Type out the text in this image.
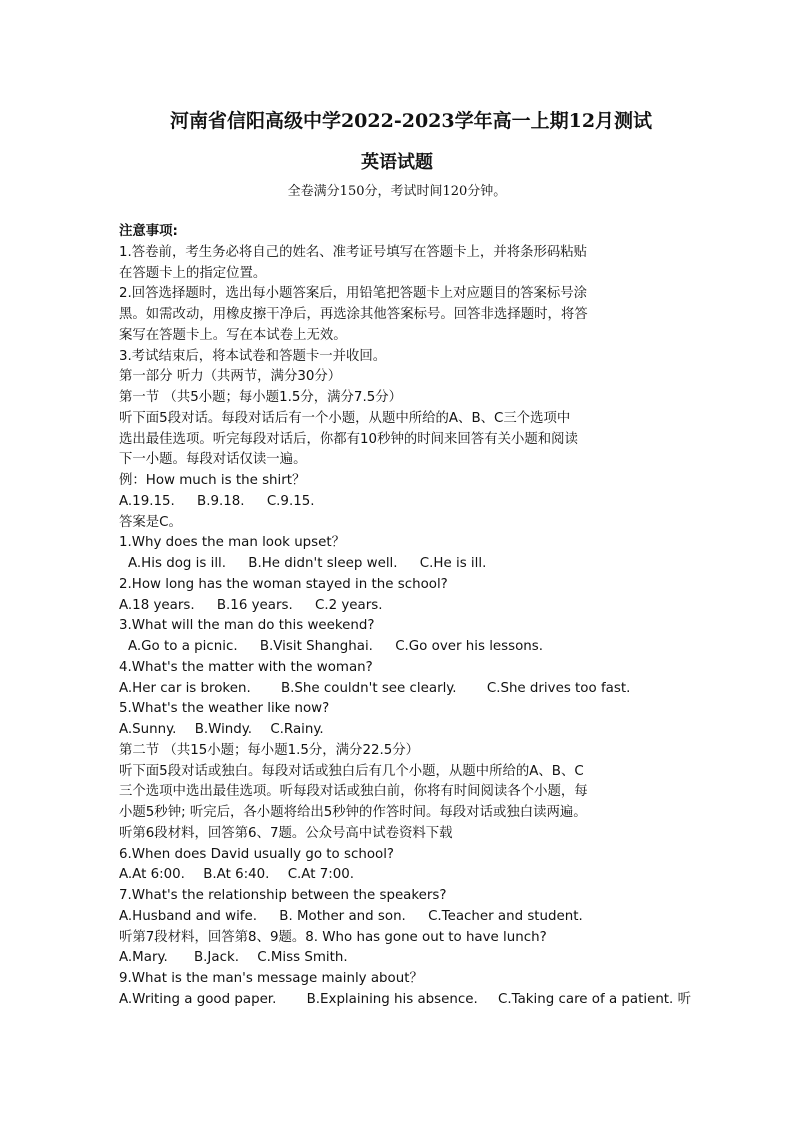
河南省信阳高级中学2022-2023学年高一上期12月测试
英语试题
全卷满分150分，考试时间120分钟。
注意事项:
1.答卷前，考生务必将自己的姓名、准考证号填写在答题卡上，并将条形码粘贴
在答题卡上的指定位置。
2.回答选择题时，选出每小题答案后，用铅笔把答题卡上对应题目的答案标号涂
黑。如需改动，用橡皮擦干净后，再选涂其他答案标号。回答非选择题时，将答
案写在答题卡上。写在本试卷上无效。
3.考试结束后，将本试卷和答题卡一并收回。
第一部分 听力（共两节，满分30分）
第一节 （共5小题；每小题1.5分，满分7.5分）
听下面5段对话。每段对话后有一个小题，从题中所给的A、B、C三个选项中
选出最佳选项。听完每段对话后，你都有10秒钟的时间来回答有关小题和阅读
下一小题。每段对话仅读一遍。
例：How much is the shirt？
A.19.15. B.9.18. C.9.15.
答案是C。
1.Why does the man look upset？
A.His dog is ill. B.He didn't sleep well. C.He is ill.
2.How long has the woman stayed in the school?
A.18 years. B.16 years. C.2 years.
3.What will the man do this weekend?
A.Go to a picnic. B.Visit Shanghai. C.Go over his lessons.
4.What's the matter with the woman?
A.Her car is broken. B.She couldn't see clearly. C.She drives too fast.
5.What's the weather like now?
A.Sunny. B.Windy. C.Rainy.
第二节 （共15小题；每小题1.5分，满分22.5分）
听下面5段对话或独白。每段对话或独白后有几个小题，从题中所给的A、B、C
三个选项中选出最佳选项。听每段对话或独白前，你将有时间阅读各个小题，每
小题5秒钟; 听完后，各小题将给出5秒钟的作答时间。每段对话或独白读两遍。
听第6段材料，回答第6、7题。公众号高中试卷资料下载
6.When does David usually go to school?
A.At 6:00. B.At 6:40. C.At 7:00.
7.What's the relationship between the speakers?
A.Husband and wife. B. Mother and son. C.Teacher and student.
听第7段材料，回答第8、9题。8. Who has gone out to have lunch?
A.Mary. B.Jack. C.Miss Smith.
9.What is the man's message mainly about？
A.Writing a good paper. B.Explaining his absence. C.Taking care of a patient. 听
